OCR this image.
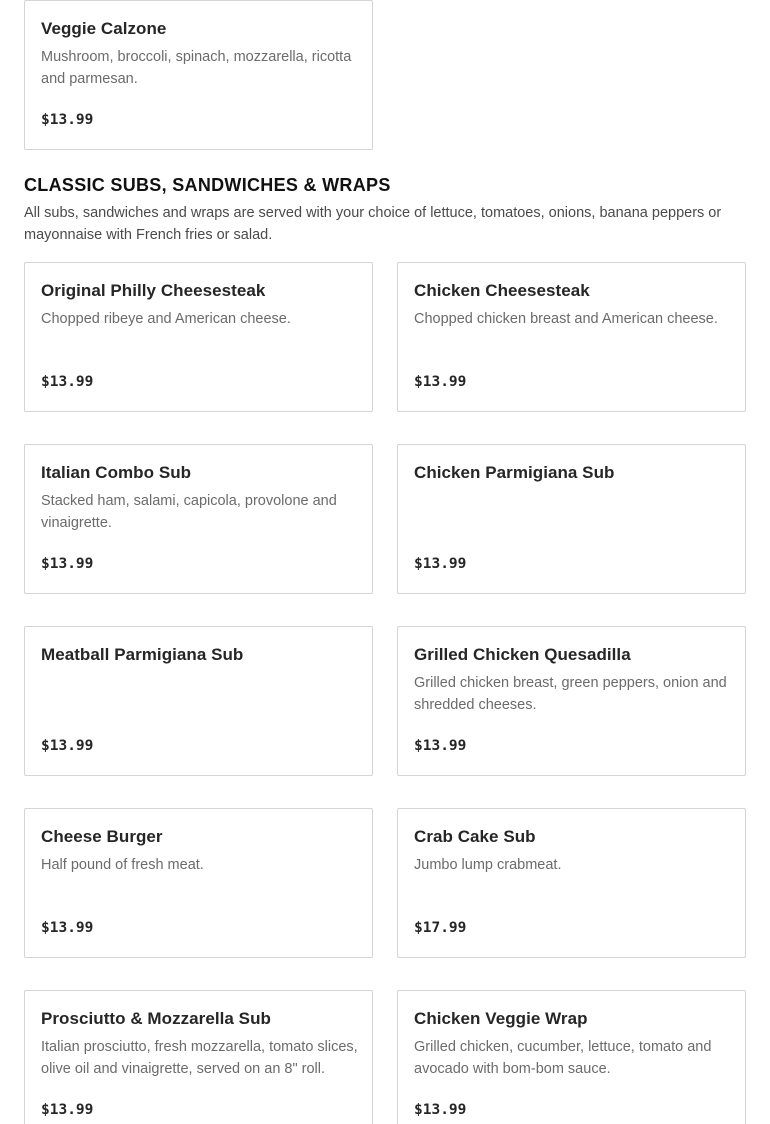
Veggie Calzone
Mushroom, broccoli, spinach, mozzarella, ricotta and parmesan.
$13.99
CLASSIC SUBS, SANDWICHES & WRAPS

All subs, sandwiches and wraps are served with your choice of lettuce, tomatoes, onions, banana peppers or mayonnaise with French fries or salad.

Original Philly Cheesesteak
Chopped ribeye and American cheese.
$13.99
Chicken Cheesesteak
Chopped chicken breast and American cheese.
$13.99
Italian Combo Sub
Stacked ham, salami, capicola, provolone and vinaigrette.
$13.99
Chicken Parmigiana Sub
$13.99
Meatball Parmigiana Sub
$13.99
Grilled Chicken Quesadilla
Grilled chicken breast, green peppers, onion and shredded cheeses.
$13.99
Cheese Burger
Half pound of fresh meat.
$13.99
Crab Cake Sub
Jumbo lump crabmeat.
$17.99
Prosciutto & Mozzarella Sub
Italian prosciutto, fresh mozzarella, tomato slices, olive oil and vinaigrette, served on an 8" roll.
$13.99
Chicken Veggie Wrap
Grilled chicken, cucumber, lettuce, tomato and avocado with bom-bom sauce.
$13.99
